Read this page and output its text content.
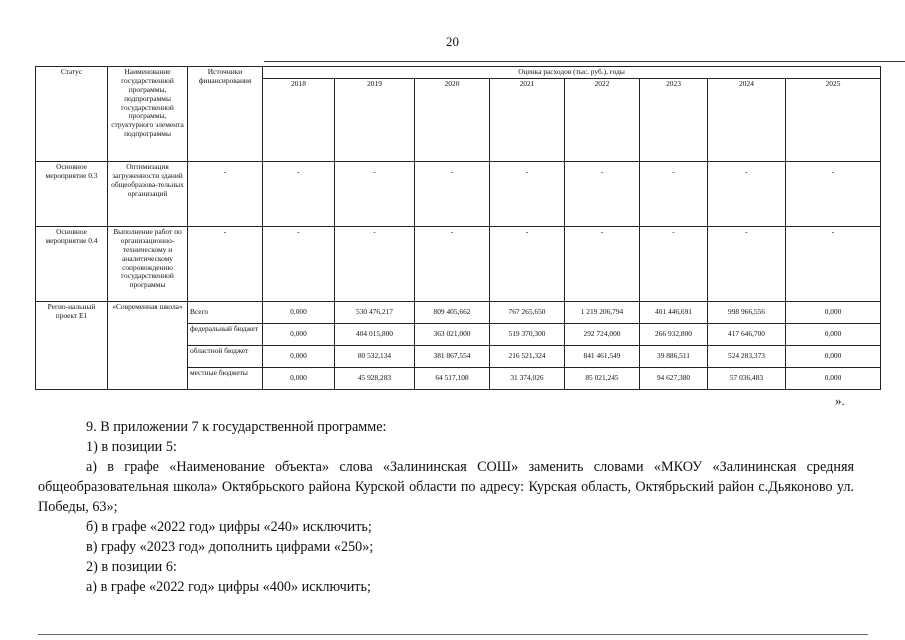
20
Статус	Наименование государственной программы, подпрограммы государственной программы, структурного элемента подпрограммы	Источники финансирования	Оценка расходов (тыс. руб.), годы							
			2018	2019	2020	2021	2022	2023	2024	2025
Основное мероприятие 0.3	Оптимизация загруженности зданий общеобразова-тельных организаций	-	-	-	-	-	-	-	-	-
Основное мероприятие 0.4	Выполнение работ по организационно-техническому и аналитическому сопровождению государственной программы	-	-	-	-	-	-	-	-	-
Регио-нальный проект Е1	«Современная школа»	Всего	0,000	530 476,217	809 405,662	767 265,650	1 219 206,794	401 446,691	998 966,556	0,000
		федеральный бюджет	0,000	404 015,800	363 021,000	519 370,300	292 724,000	266 932,800	417 646,700	0,000
		областной бюджет	0,000	80 532,134	381 867,554	216 521,324	841 461,549	39 886,511	524 283,373	0,000
		местные бюджеты	0,000	45 928,283	64 517,108	31 374,026	85 021,245	94 627,380	57 036,483	0,000
».
9. В приложении 7 к государственной программе:
1) в позиции 5:
а) в графе «Наименование объекта» слова «Залининская СОШ» заменить словами «МКОУ «Залининская средняя общеобразовательная школа» Октябрьского района Курской области по адресу: Курская область, Октябрьский район с.Дьяконово ул. Победы, 63»;
б) в графе «2022 год» цифры «240» исключить;
в) графу «2023 год» дополнить цифрами «250»;
2) в позиции 6:
а) в графе «2022 год» цифры «400» исключить;
